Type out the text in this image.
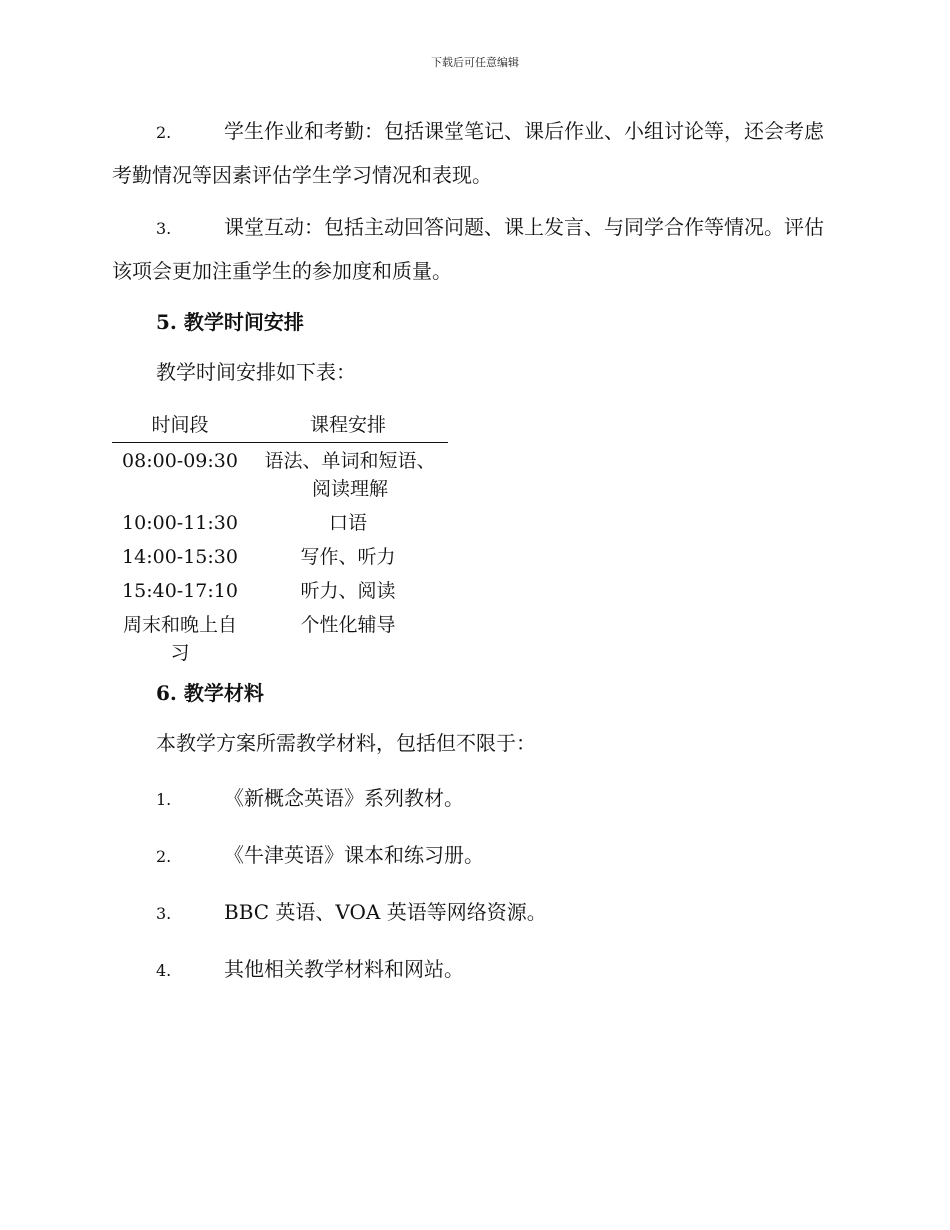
下载后可任意编辑

2.	学生作业和考勤：包括课堂笔记、课后作业、小组讨论等，还会考虑考勤情况等因素评估学生学习情况和表现。

3.	课堂互动：包括主动回答问题、课上发言、与同学合作等情况。评估该项会更加注重学生的参加度和质量。

5. 教学时间安排
教学时间安排如下表：
时间段	课程安排
08:00-09:30	语法、单词和短语、阅读理解
10:00-11:30	口语
14:00-15:30	写作、听力
15:40-17:10	听力、阅读
周末和晚上自习	个性化辅导
6. 教学材料
本教学方案所需教学材料，包括但不限于：
1.	《新概念英语》系列教材。
2.	《牛津英语》课本和练习册。
3.	BBC 英语、VOA 英语等网络资源。
4.	其他相关教学材料和网站。
